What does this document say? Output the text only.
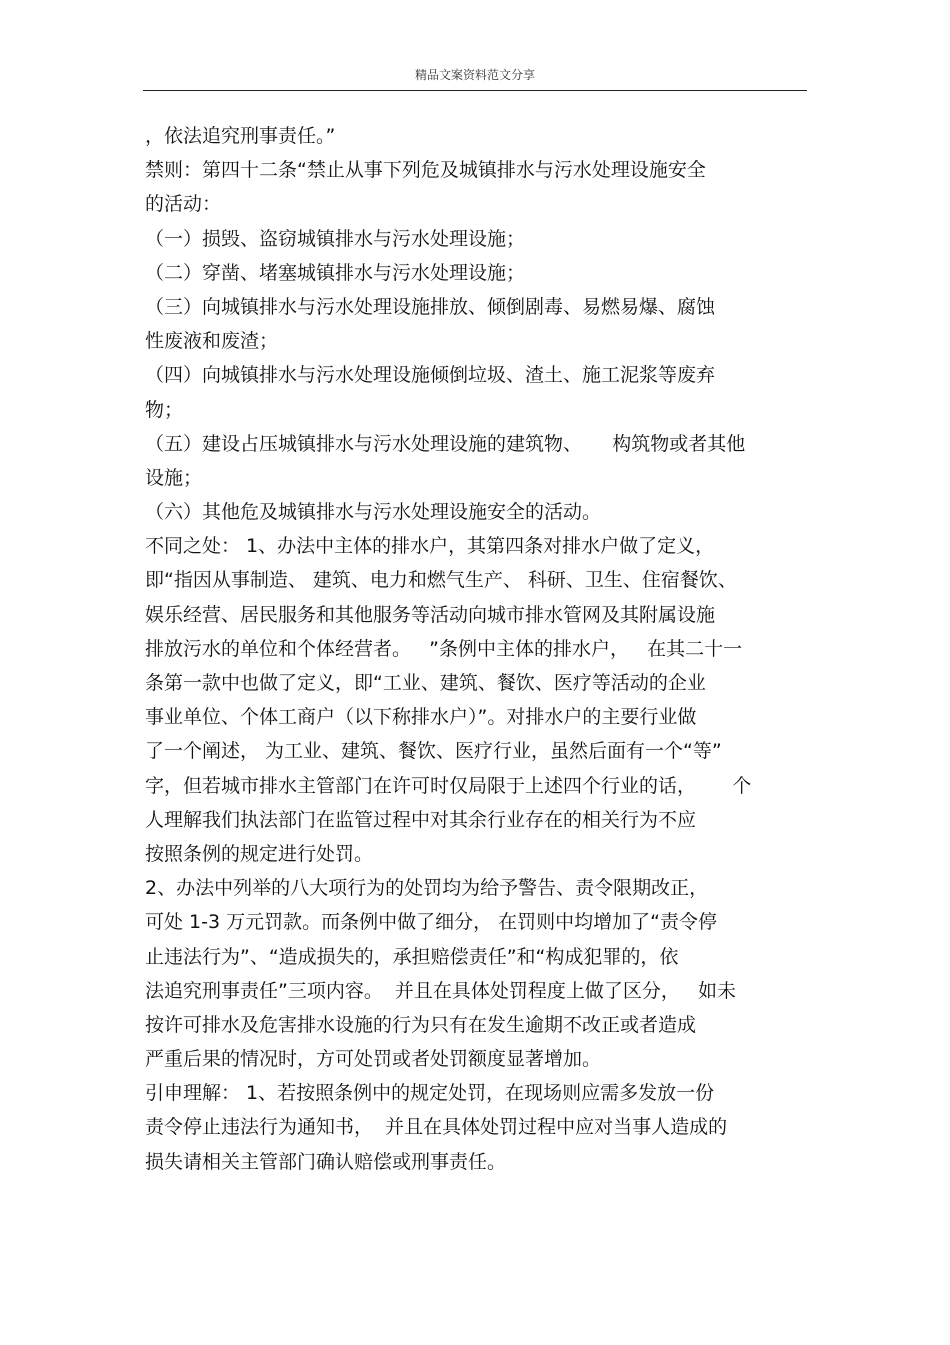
精品文案资料范文分享
，依法追究刑事责任。”
禁则：第四十二条“禁止从事下列危及城镇排水与污水处理设施安全
的活动：
（一）损毁、盗窃城镇排水与污水处理设施；
（二）穿凿、堵塞城镇排水与污水处理设施；
（三）向城镇排水与污水处理设施排放、倾倒剧毒、易燃易爆、腐蚀
性废液和废渣；
（四）向城镇排水与污水处理设施倾倒垃圾、渣土、施工泥浆等废弃
物；
（五）建设占压城镇排水与污水处理设施的建筑物、     构筑物或者其他
设施；
（六）其他危及城镇排水与污水处理设施安全的活动。
不同之处： 1、办法中主体的排水户，其第四条对排水户做了定义，
即“指因从事制造、 建筑、电力和燃气生产、 科研、卫生、住宿餐饮、
娱乐经营、居民服务和其他服务等活动向城市排水管网及其附属设施
排放污水的单位和个体经营者。   ”条例中主体的排水户，   在其二十一
条第一款中也做了定义，即“工业、建筑、餐饮、医疗等活动的企业
事业单位、个体工商户（以下称排水户）”。对排水户的主要行业做
了一个阐述， 为工业、建筑、餐饮、医疗行业，虽然后面有一个“等”
字，但若城市排水主管部门在许可时仅局限于上述四个行业的话，      个
人理解我们执法部门在监管过程中对其余行业存在的相关行为不应
按照条例的规定进行处罚。
2、办法中列举的八大项行为的处罚均为给予警告、责令限期改正，
可处 1-3 万元罚款。而条例中做了细分， 在罚则中均增加了“责令停
止违法行为”、“造成损失的，承担赔偿责任”和“构成犯罪的，依
法追究刑事责任”三项内容。  并且在具体处罚程度上做了区分，   如未
按许可排水及危害排水设施的行为只有在发生逾期不改正或者造成
严重后果的情况时，方可处罚或者处罚额度显著增加。
引申理解： 1、若按照条例中的规定处罚，在现场则应需多发放一份
责令停止违法行为通知书，  并且在具体处罚过程中应对当事人造成的
损失请相关主管部门确认赔偿或刑事责任。
